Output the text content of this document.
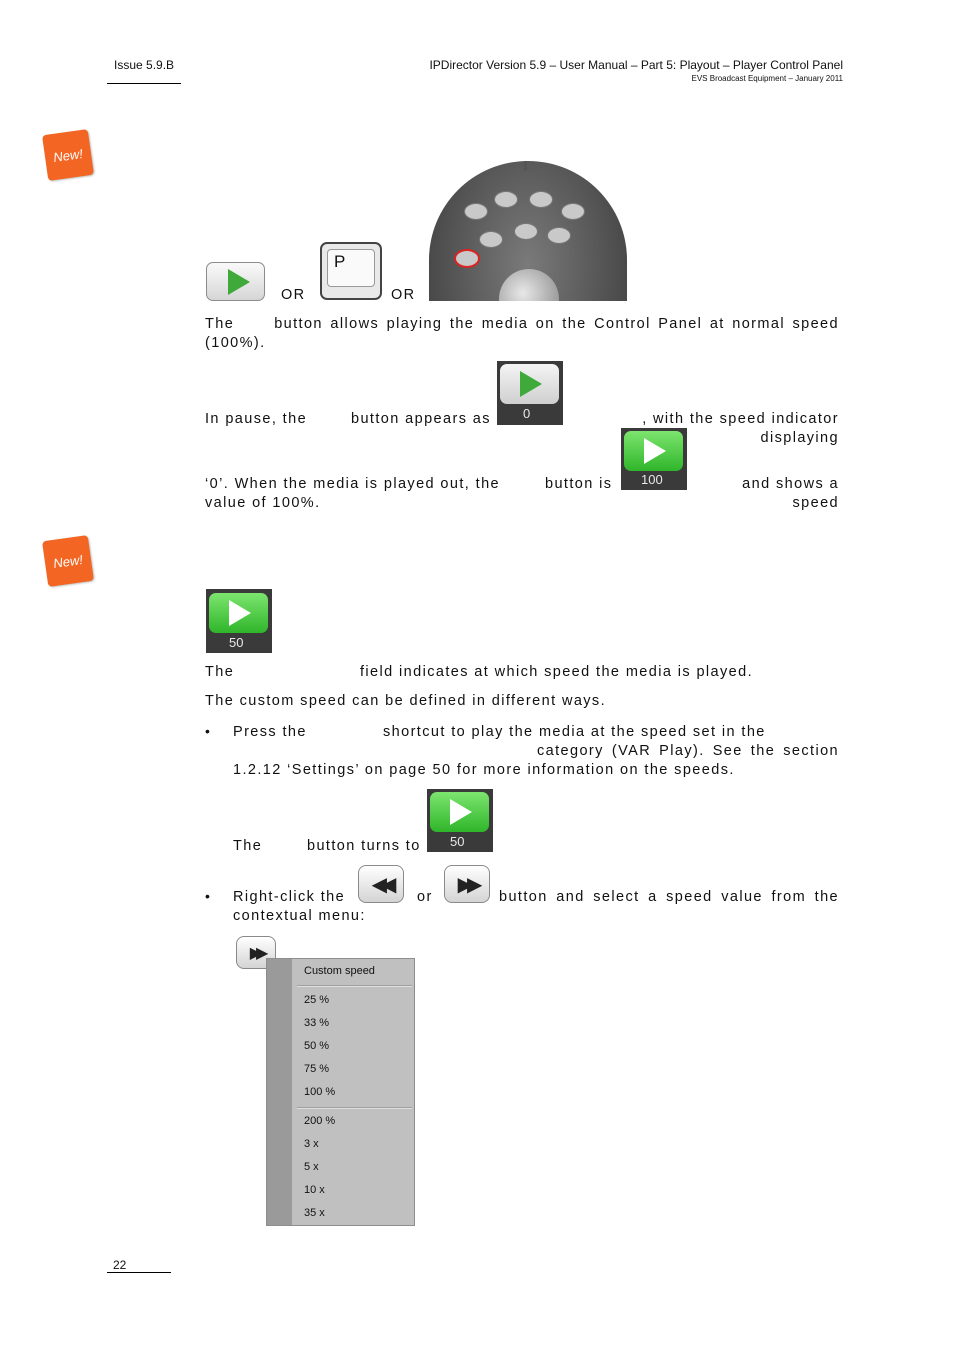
Issue 5.9.B	IPDirector Version 5.9 – User Manual – Part 5: Playout – Player Control Panel
EVS Broadcast Equipment – January 2011
New!
New!
OR
P
OR
The	button allows playing the media on the Control Panel at normal speed
(100%).
0
In pause, the	button appears as	, with the speed indicator displaying
100
‘0’. When the media is played out, the	button is	and shows a speed
value of 100%.
50
The	field indicates at which speed the media is played.
The custom speed can be defined in different ways.
• Press the	shortcut to play the media at the speed set in the
category (VAR Play). See the section
1.2.12 ‘Settings’ on page 50 for more information on the speeds.
50
The	button turns to
• Right-click the
◀◀
or
▶▶
button and select a speed value from the
contextual menu:
▶▶
Custom speed
25 %
33 %
50 %
75 %
100 %
200 %
3 x
5 x
10 x
35 x
22
